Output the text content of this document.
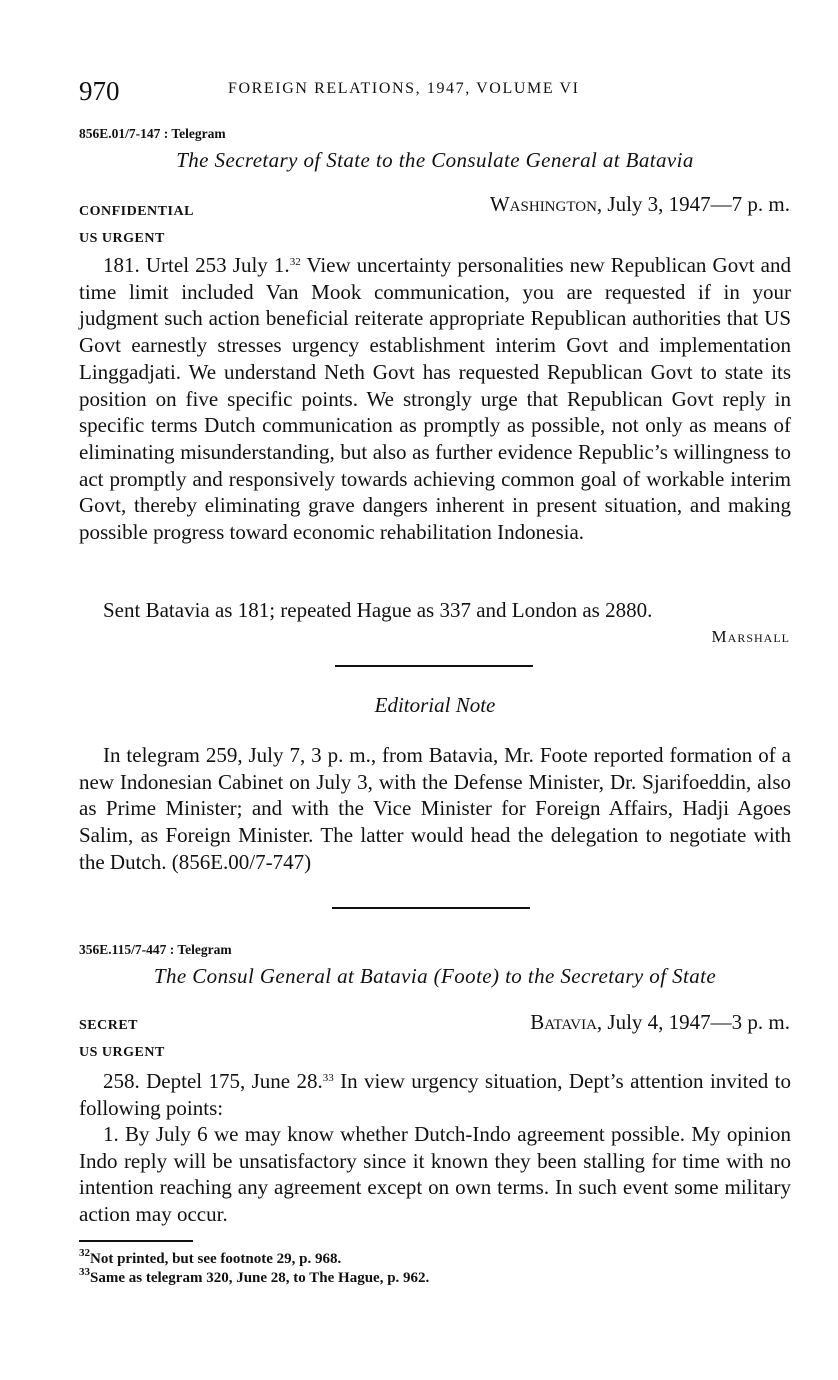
970	FOREIGN RELATIONS, 1947, VOLUME VI
856E.01/7-147 : Telegram
The Secretary of State to the Consulate General at Batavia
CONFIDENTIAL	Washington, July 3, 1947—7 p. m.
US URGENT
181. Urtel 253 July 1.32 View uncertainty personalities new Republican Govt and time limit included Van Mook communication, you are requested if in your judgment such action beneficial reiterate appropriate Republican authorities that US Govt earnestly stresses urgency establishment interim Govt and implementation Linggadjati. We understand Neth Govt has requested Republican Govt to state its position on five specific points. We strongly urge that Republican Govt reply in specific terms Dutch communication as promptly as possible, not only as means of eliminating misunderstanding, but also as further evidence Republic’s willingness to act promptly and responsively towards achieving common goal of workable interim Govt, thereby eliminating grave dangers inherent in present situation, and making possible progress toward economic rehabilitation Indonesia.
Sent Batavia as 181; repeated Hague as 337 and London as 2880.
Marshall
Editorial Note
In telegram 259, July 7, 3 p. m., from Batavia, Mr. Foote reported formation of a new Indonesian Cabinet on July 3, with the Defense Minister, Dr. Sjarifoeddin, also as Prime Minister; and with the Vice Minister for Foreign Affairs, Hadji Agoes Salim, as Foreign Minister. The latter would head the delegation to negotiate with the Dutch. (856E.00/7-747)
356E.115/7-447 : Telegram
The Consul General at Batavia (Foote) to the Secretary of State
SECRET	Batavia, July 4, 1947—3 p. m.
US URGENT
258. Deptel 175, June 28.33 In view urgency situation, Dept’s attention invited to following points:
1. By July 6 we may know whether Dutch-Indo agreement possible. My opinion Indo reply will be unsatisfactory since it known they been stalling for time with no intention reaching any agreement except on own terms. In such event some military action may occur.
$^{32}$Not printed, but see footnote 29, p. 968.
$^{33}$Same as telegram 320, June 28, to The Hague, p. 962.
